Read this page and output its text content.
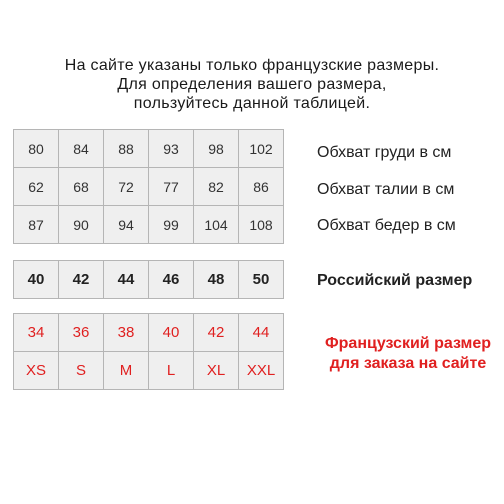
На сайте указаны только французские размеры.
Для определения вашего размера,
пользуйтесь данной таблицей.
80	84	88	93	98	102
62	68	72	77	82	86
87	90	94	99	104	108
Обхват груди в см
Обхват талии в см
Обхват бедер в см
40	42	44	46	48	50	Российский размер
34	36	38	40	42	44
XS	S	M	L	XL	XXL
Французский размер
для заказа на сайте
